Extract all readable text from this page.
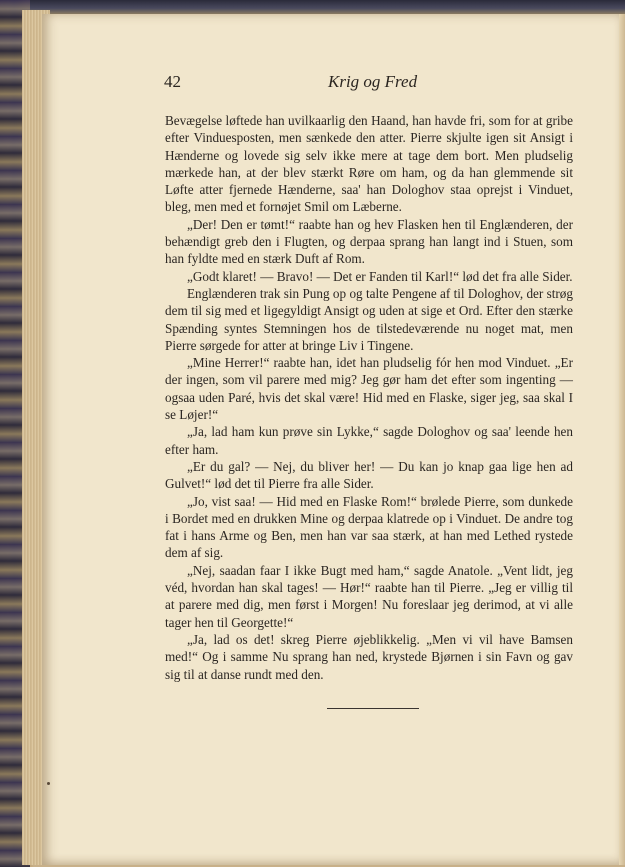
42	Krig og Fred

Bevægelse løftede han uvilkaarlig den Haand, han havde fri, som for at gribe efter Vinduesposten, men sænkede den atter. Pierre skjulte igen sit Ansigt i Hænderne og lovede sig selv ikke mere at tage dem bort. Men pludselig mærkede han, at der blev stærkt Røre om ham, og da han glemmende sit Løfte atter fjernede Hænderne, saa' han Dologhov staa oprejst i Vinduet, bleg, men med et fornøjet Smil om Læberne.

„Der! Den er tømt!“ raabte han og hev Flasken hen til Englænderen, der behændigt greb den i Flugten, og derpaa sprang han langt ind i Stuen, som han fyldte med en stærk Duft af Rom.

„Godt klaret! — Bravo! — Det er Fanden til Karl!“ lød det fra alle Sider.

Englænderen trak sin Pung op og talte Pengene af til Dologhov, der strøg dem til sig med et ligegyldigt Ansigt og uden at sige et Ord. Efter den stærke Spænding syntes Stemningen hos de tilstedeværende nu noget mat, men Pierre sørgede for atter at bringe Liv i Tingene.

„Mine Herrer!“ raabte han, idet han pludselig fór hen mod Vinduet. „Er der ingen, som vil parere med mig? Jeg gør ham det efter som ingenting — ogsaa uden Paré, hvis det skal være! Hid med en Flaske, siger jeg, saa skal I se Løjer!“

„Ja, lad ham kun prøve sin Lykke,“ sagde Dologhov og saa' leende hen efter ham.

„Er du gal? — Nej, du bliver her! — Du kan jo knap gaa lige hen ad Gulvet!“ lød det til Pierre fra alle Sider.

„Jo, vist saa! — Hid med en Flaske Rom!“ brølede Pierre, som dunkede i Bordet med en drukken Mine og derpaa klatrede op i Vinduet. De andre tog fat i hans Arme og Ben, men han var saa stærk, at han med Lethed rystede dem af sig.

„Nej, saadan faar I ikke Bugt med ham,“ sagde Anatole. „Vent lidt, jeg véd, hvordan han skal tages! — Hør!“ raabte han til Pierre. „Jeg er villig til at parere med dig, men først i Morgen! Nu foreslaar jeg derimod, at vi alle tager hen til Georgette!“

„Ja, lad os det! skreg Pierre øjeblikkelig. „Men vi vil have Bamsen med!“ Og i samme Nu sprang han ned, krystede Bjørnen i sin Favn og gav sig til at danse rundt med den.
